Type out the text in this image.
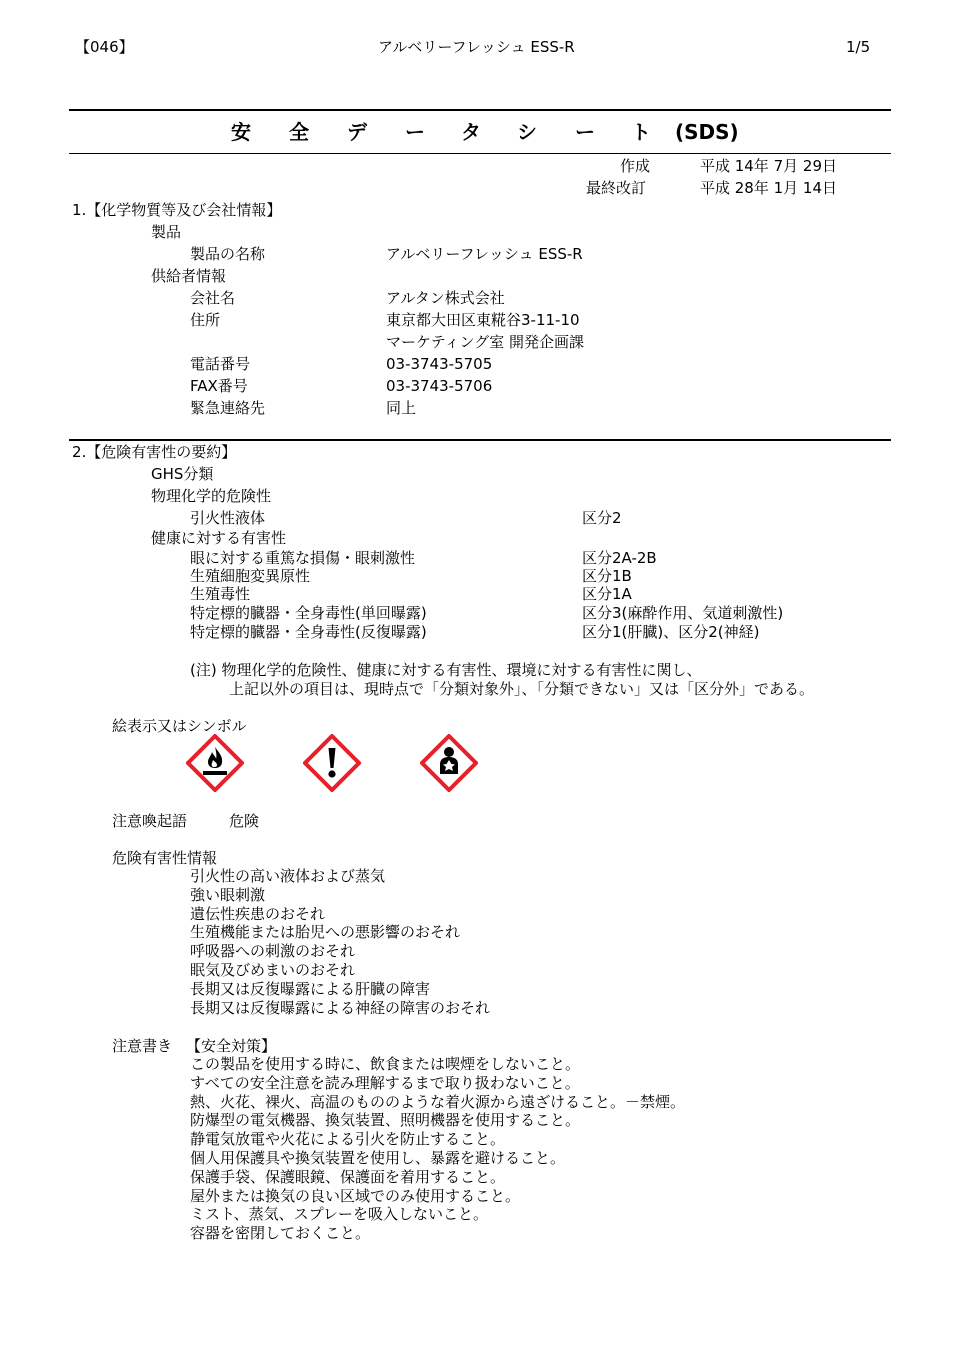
【046】	アルベリーフレッシュ ESS-R	1/5
安 全 デ ー タ シ ー ト (SDS)
作成	平成 14年 7月 29日
最終改訂	平成 28年 1月 14日
1.【化学物質等及び会社情報】
製品
製品の名称	アルベリーフレッシュ ESS-R
供給者情報
会社名	アルタン株式会社
住所	東京都大田区東糀谷3-11-10
マーケティング室 開発企画課
電話番号	03-3743-5705
FAX番号	03-3743-5706
緊急連絡先	同上
2.【危険有害性の要約】
GHS分類
物理化学的危険性
引火性液体	区分2
健康に対する有害性
眼に対する重篤な損傷・眼刺激性	区分2A-2B
生殖細胞変異原性	区分1B
生殖毒性	区分1A
特定標的臓器・全身毒性(単回曝露)	区分3(麻酔作用、気道刺激性)
特定標的臓器・全身毒性(反復曝露)	区分1(肝臓)、区分2(神経)
(注) 物理化学的危険性、健康に対する有害性、環境に対する有害性に関し、
上記以外の項目は、現時点で「分類対象外」、「分類できない」又は「区分外」である。
絵表示又はシンボル
注意喚起語	危険
危険有害性情報
引火性の高い液体および蒸気
強い眼刺激
遺伝性疾患のおそれ
生殖機能または胎児への悪影響のおそれ
呼吸器への刺激のおそれ
眠気及びめまいのおそれ
長期又は反復曝露による肝臓の障害
長期又は反復曝露による神経の障害のおそれ
注意書き 【安全対策】
この製品を使用する時に、飲食または喫煙をしないこと。
すべての安全注意を読み理解するまで取り扱わないこと。
熱、火花、裸火、高温のもののような着火源から遠ざけること。－禁煙。
防爆型の電気機器、換気装置、照明機器を使用すること。
静電気放電や火花による引火を防止すること。
個人用保護具や換気装置を使用し、暴露を避けること。
保護手袋、保護眼鏡、保護面を着用すること。
屋外または換気の良い区域でのみ使用すること。
ミスト、蒸気、スプレーを吸入しないこと。
容器を密閉しておくこと。
